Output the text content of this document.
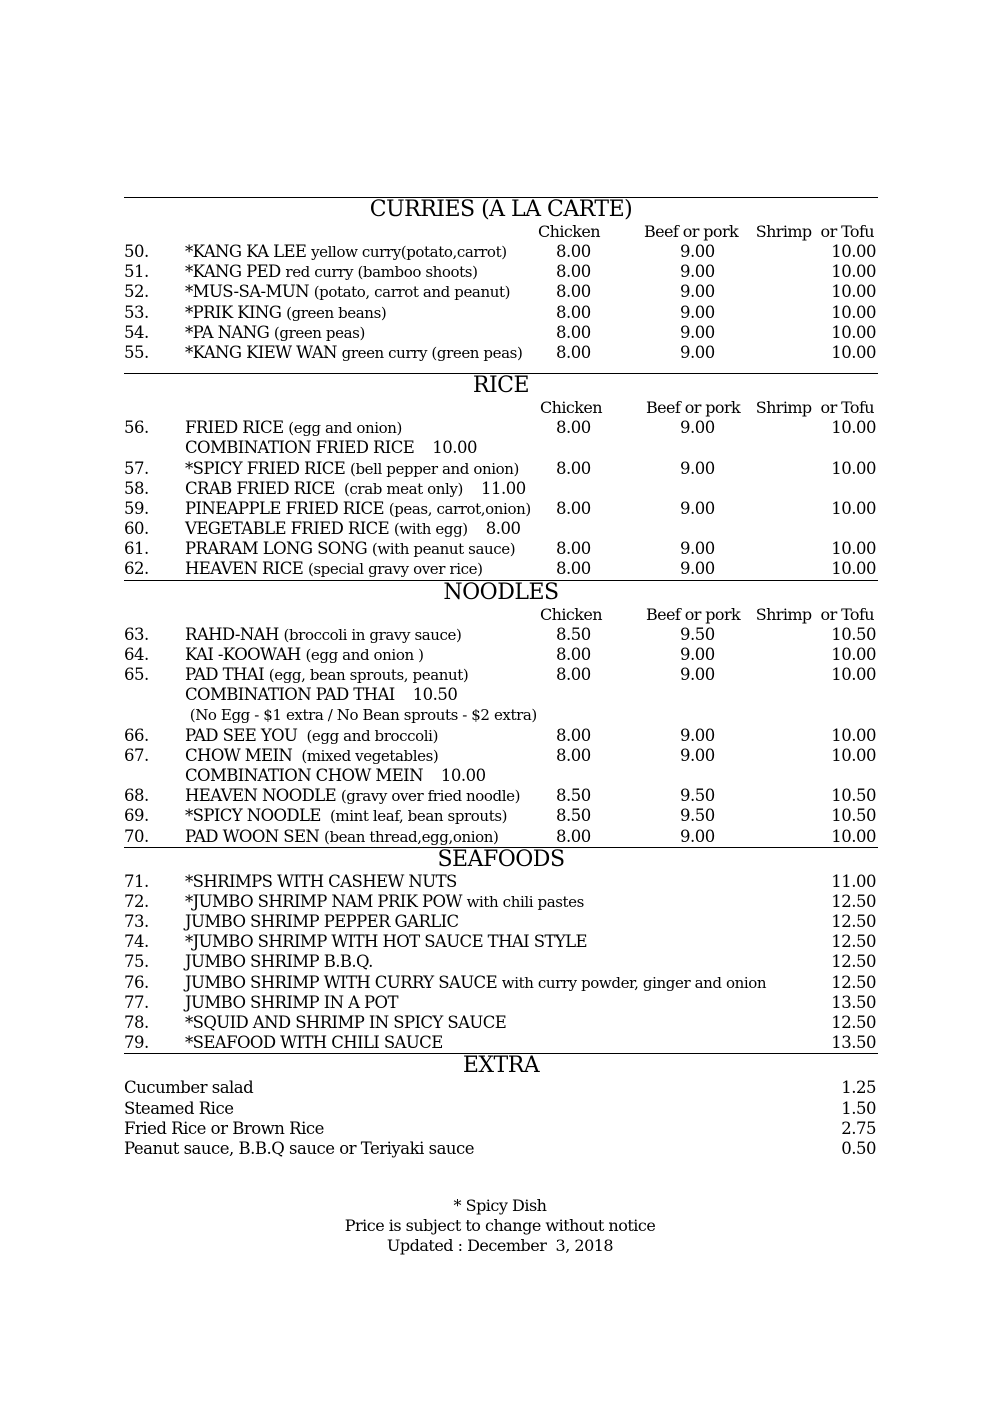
CURRIES (A LA CARTE)
Chicken	Beef or pork Shrimp  or Tofu
50. *KANG KA LEE yellow curry(potato,carrot)	8.00	9.00	10.00
51. *KANG PED red curry (bamboo shoots)	8.00	9.00	10.00
52. *MUS-SA-MUN (potato, carrot and peanut)	8.00	9.00	10.00
53. *PRIK KING (green beans)	8.00	9.00	10.00
54. *PA NANG (green peas)	8.00	9.00	10.00
55. *KANG KIEW WAN green curry (green peas) 8.00	9.00	10.00
RICE
Chicken	Beef or pork Shrimp  or Tofu
56. FRIED RICE (egg and onion)	8.00	9.00	10.00
COMBINATION FRIED RICE 10.00
57. *SPICY FRIED RICE (bell pepper and onion) 8.00	9.00	10.00
58. CRAB FRIED RICE  (crab meat only) 11.00
59. PINEAPPLE FRIED RICE (peas, carrot,onion) 8.00	9.00	10.00
60. VEGETABLE FRIED RICE (with egg) 8.00
61. PRARAM LONG SONG (with peanut sauce) 8.00	9.00	10.00
62. HEAVEN RICE (special gravy over rice)	8.00	9.00	10.00
NOODLES
Chicken	Beef or pork Shrimp  or Tofu
63. RAHD-NAH (broccoli in gravy sauce)	8.50	9.50	10.50
64. KAI -KOOWAH (egg and onion )	8.00	9.00	10.00
65. PAD THAI (egg, bean sprouts, peanut)	8.00	9.00	10.00
COMBINATION PAD THAI 10.50
(No Egg - $1 extra / No Bean sprouts - $2 extra)
66. PAD SEE YOU  (egg and broccoli)	8.00	9.00	10.00
67. CHOW MEIN  (mixed vegetables)	8.00	9.00	10.00
COMBINATION CHOW MEIN 10.00
68. HEAVEN NOODLE (gravy over fried noodle) 8.50	9.50	10.50
69. *SPICY NOODLE  (mint leaf, bean sprouts)	8.50	9.50	10.50
70. PAD WOON SEN (bean thread,egg,onion)	8.00	9.00	10.00
SEAFOODS
71. *SHRIMPS WITH CASHEW NUTS	11.00
72. *JUMBO SHRIMP NAM PRIK POW with chili pastes	12.50
73. JUMBO SHRIMP PEPPER GARLIC	12.50
74. *JUMBO SHRIMP WITH HOT SAUCE THAI STYLE	12.50
75. JUMBO SHRIMP B.B.Q.	12.50
76. JUMBO SHRIMP WITH CURRY SAUCE with curry powder, ginger and onion	12.50
77. JUMBO SHRIMP IN A POT	13.50
78. *SQUID AND SHRIMP IN SPICY SAUCE	12.50
79. *SEAFOOD WITH CHILI SAUCE	13.50
EXTRA
Cucumber salad	1.25
Steamed Rice	1.50
Fried Rice or Brown Rice	2.75
Peanut sauce, B.B.Q sauce or Teriyaki sauce	0.50
* Spicy Dish
Price is subject to change without notice
Updated : December  3, 2018
